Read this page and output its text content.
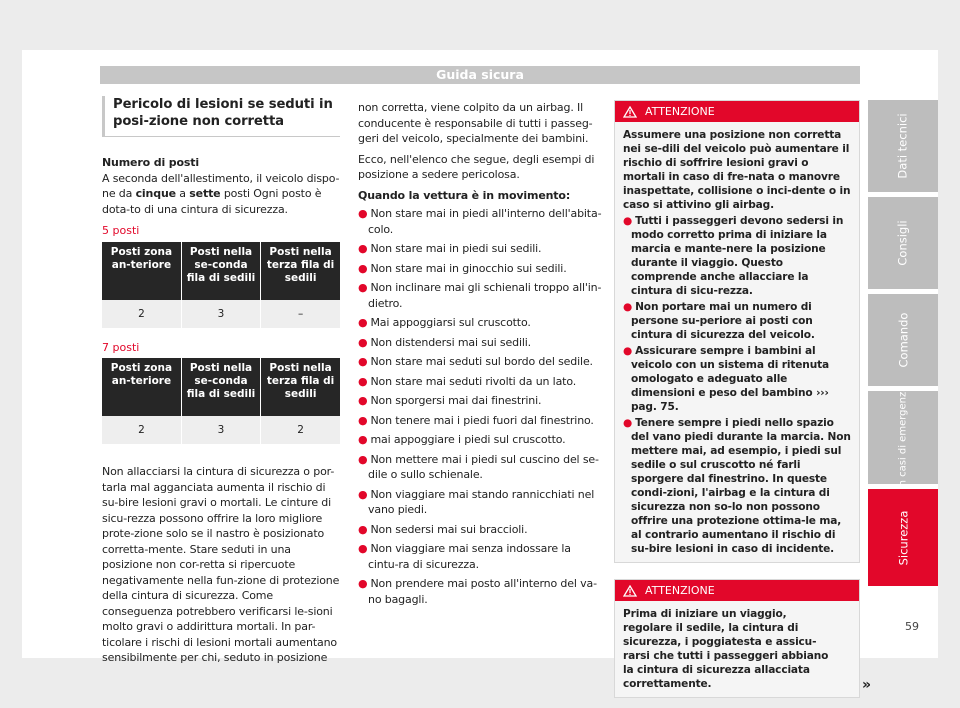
Guida sicura
Dati tecnici
Consigli
Comando
In casi di emergenza
Sicurezza
59
Pericolo di lesioni se seduti in posi-zione non corretta

Numero di posti

A seconda dell'allestimento, il veicolo dispo-ne da cinque a sette posti Ogni posto è dota-to di una cintura di sicurezza.

5 posti
Posti zona an-teriore	Posti nella se-conda fila di sedili	Posti nella terza fila di sedili
2	3	–
7 posti
Posti zona an-teriore	Posti nella se-conda fila di sedili	Posti nella terza fila di sedili
2	3	2

Non allacciarsi la cintura di sicurezza o por-tarla mal agganciata aumenta il rischio di su-bire lesioni gravi o mortali. Le cinture di sicu-rezza possono offrire la loro migliore prote-zione solo se il nastro è posizionato corretta-mente. Stare seduti in una posizione non cor-retta si ripercuote negativamente nella fun-zione di protezione della cintura di sicurezza. Come conseguenza potrebbero verificarsi le-sioni molto gravi o addirittura mortali. In par-ticolare i rischi di lesioni mortali aumentano sensibilmente per chi, seduto in posizione

non corretta, viene colpito da un airbag. Il conducente è responsabile di tutti i passeg-geri del veicolo, specialmente dei bambini.

Ecco, nell'elenco che segue, degli esempi di posizione a sedere pericolosa.

Quando la vettura è in movimento:

● Non stare mai in piedi all'interno dell'abita-colo.
● Non stare mai in piedi sui sedili.
● Non stare mai in ginocchio sui sedili.
● Non inclinare mai gli schienali troppo all'in-dietro.
● Mai appoggiarsi sul cruscotto.
● Non distendersi mai sui sedili.
● Non stare mai seduti sul bordo del sedile.
● Non stare mai seduti rivolti da un lato.
● Non sporgersi mai dai finestrini.
● Non tenere mai i piedi fuori dal finestrino.
● mai appoggiare i piedi sul cruscotto.
● Non mettere mai i piedi sul cuscino del se-dile o sullo schienale.
● Non viaggiare mai stando rannicchiati nel vano piedi.
● Non sedersi mai sui braccioli.
● Non viaggiare mai senza indossare la cintu-ra di sicurezza.
● Non prendere mai posto all'interno del va-no bagagli.
ATTENZIONE
Assumere una posizione non corretta nei se-dili del veicolo può aumentare il rischio di soffrire lesioni gravi o mortali in caso di fre-nata o manovre inaspettate, collisione o inci-dente o in caso si attivino gli airbag.
● Tutti i passeggeri devono sedersi in modo corretto prima di iniziare la marcia e mante-nere la posizione durante il viaggio. Questo comprende anche allacciare la cintura di sicu-rezza.
● Non portare mai un numero di persone su-periore ai posti con cintura di sicurezza del veicolo.
● Assicurare sempre i bambini al veicolo con un sistema di ritenuta omologato e adeguato alle dimensioni e peso del bambino ››› pag. 75.
● Tenere sempre i piedi nello spazio del vano piedi durante la marcia. Non mettere mai, ad esempio, i piedi sul sedile o sul cruscotto né farli sporgere dal finestrino. In queste condi-zioni, l'airbag e la cintura di sicurezza non so-lo non possono offrire una protezione ottima-le ma, al contrario aumentano il rischio di su-bire lesioni in caso di incidente.
ATTENZIONE
Prima di iniziare un viaggio, regolare il sedile, la cintura di sicurezza, i poggiatesta e assicu-rarsi che tutti i passeggeri abbiano la cintura di sicurezza allacciata correttamente.	»
